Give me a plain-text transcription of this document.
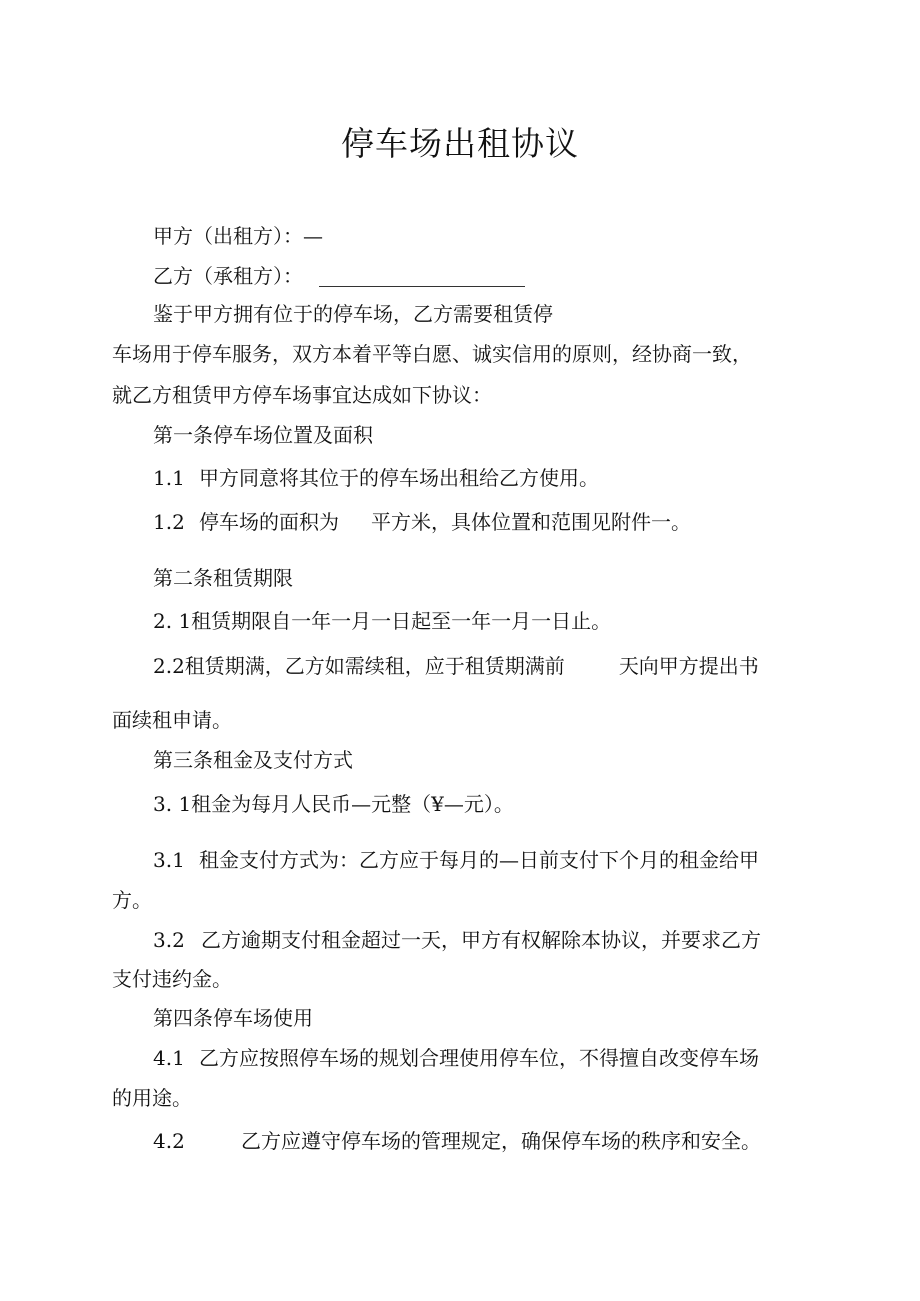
停车场出租协议

甲方（出租方）：—

乙方（承租方）：

鉴于甲方拥有位于的停车场，乙方需要租赁停

车场用于停车服务，双方本着平等白愿、诚实信用的原则，经协商一致，

就乙方租赁甲方停车场事宜达成如下协议：

第一条停车场位置及面积

1.1 甲方同意将其位于的停车场出租给乙方使用。

1.2 停车场的面积为 平方米，具体位置和范围见附件一。

第二条租赁期限

2. 1租赁期限自一年一月一日起至一年一月一日止。

2.2租赁期满，乙方如需续租，应于租赁期满前	天向甲方提出书

面续租申请。

第三条租金及支付方式

3. 1租金为每月人民币—元整（¥—元）。

3.1 租金支付方式为：乙方应于每月的—日前支付下个月的租金给甲

方。

3.2 乙方逾期支付租金超过一天，甲方有权解除本协议，并要求乙方

支付违约金。

第四条停车场使用

4.1 乙方应按照停车场的规划合理使用停车位，不得擅自改变停车场

的用途。

4.2	乙方应遵守停车场的管理规定，确保停车场的秩序和安全。
